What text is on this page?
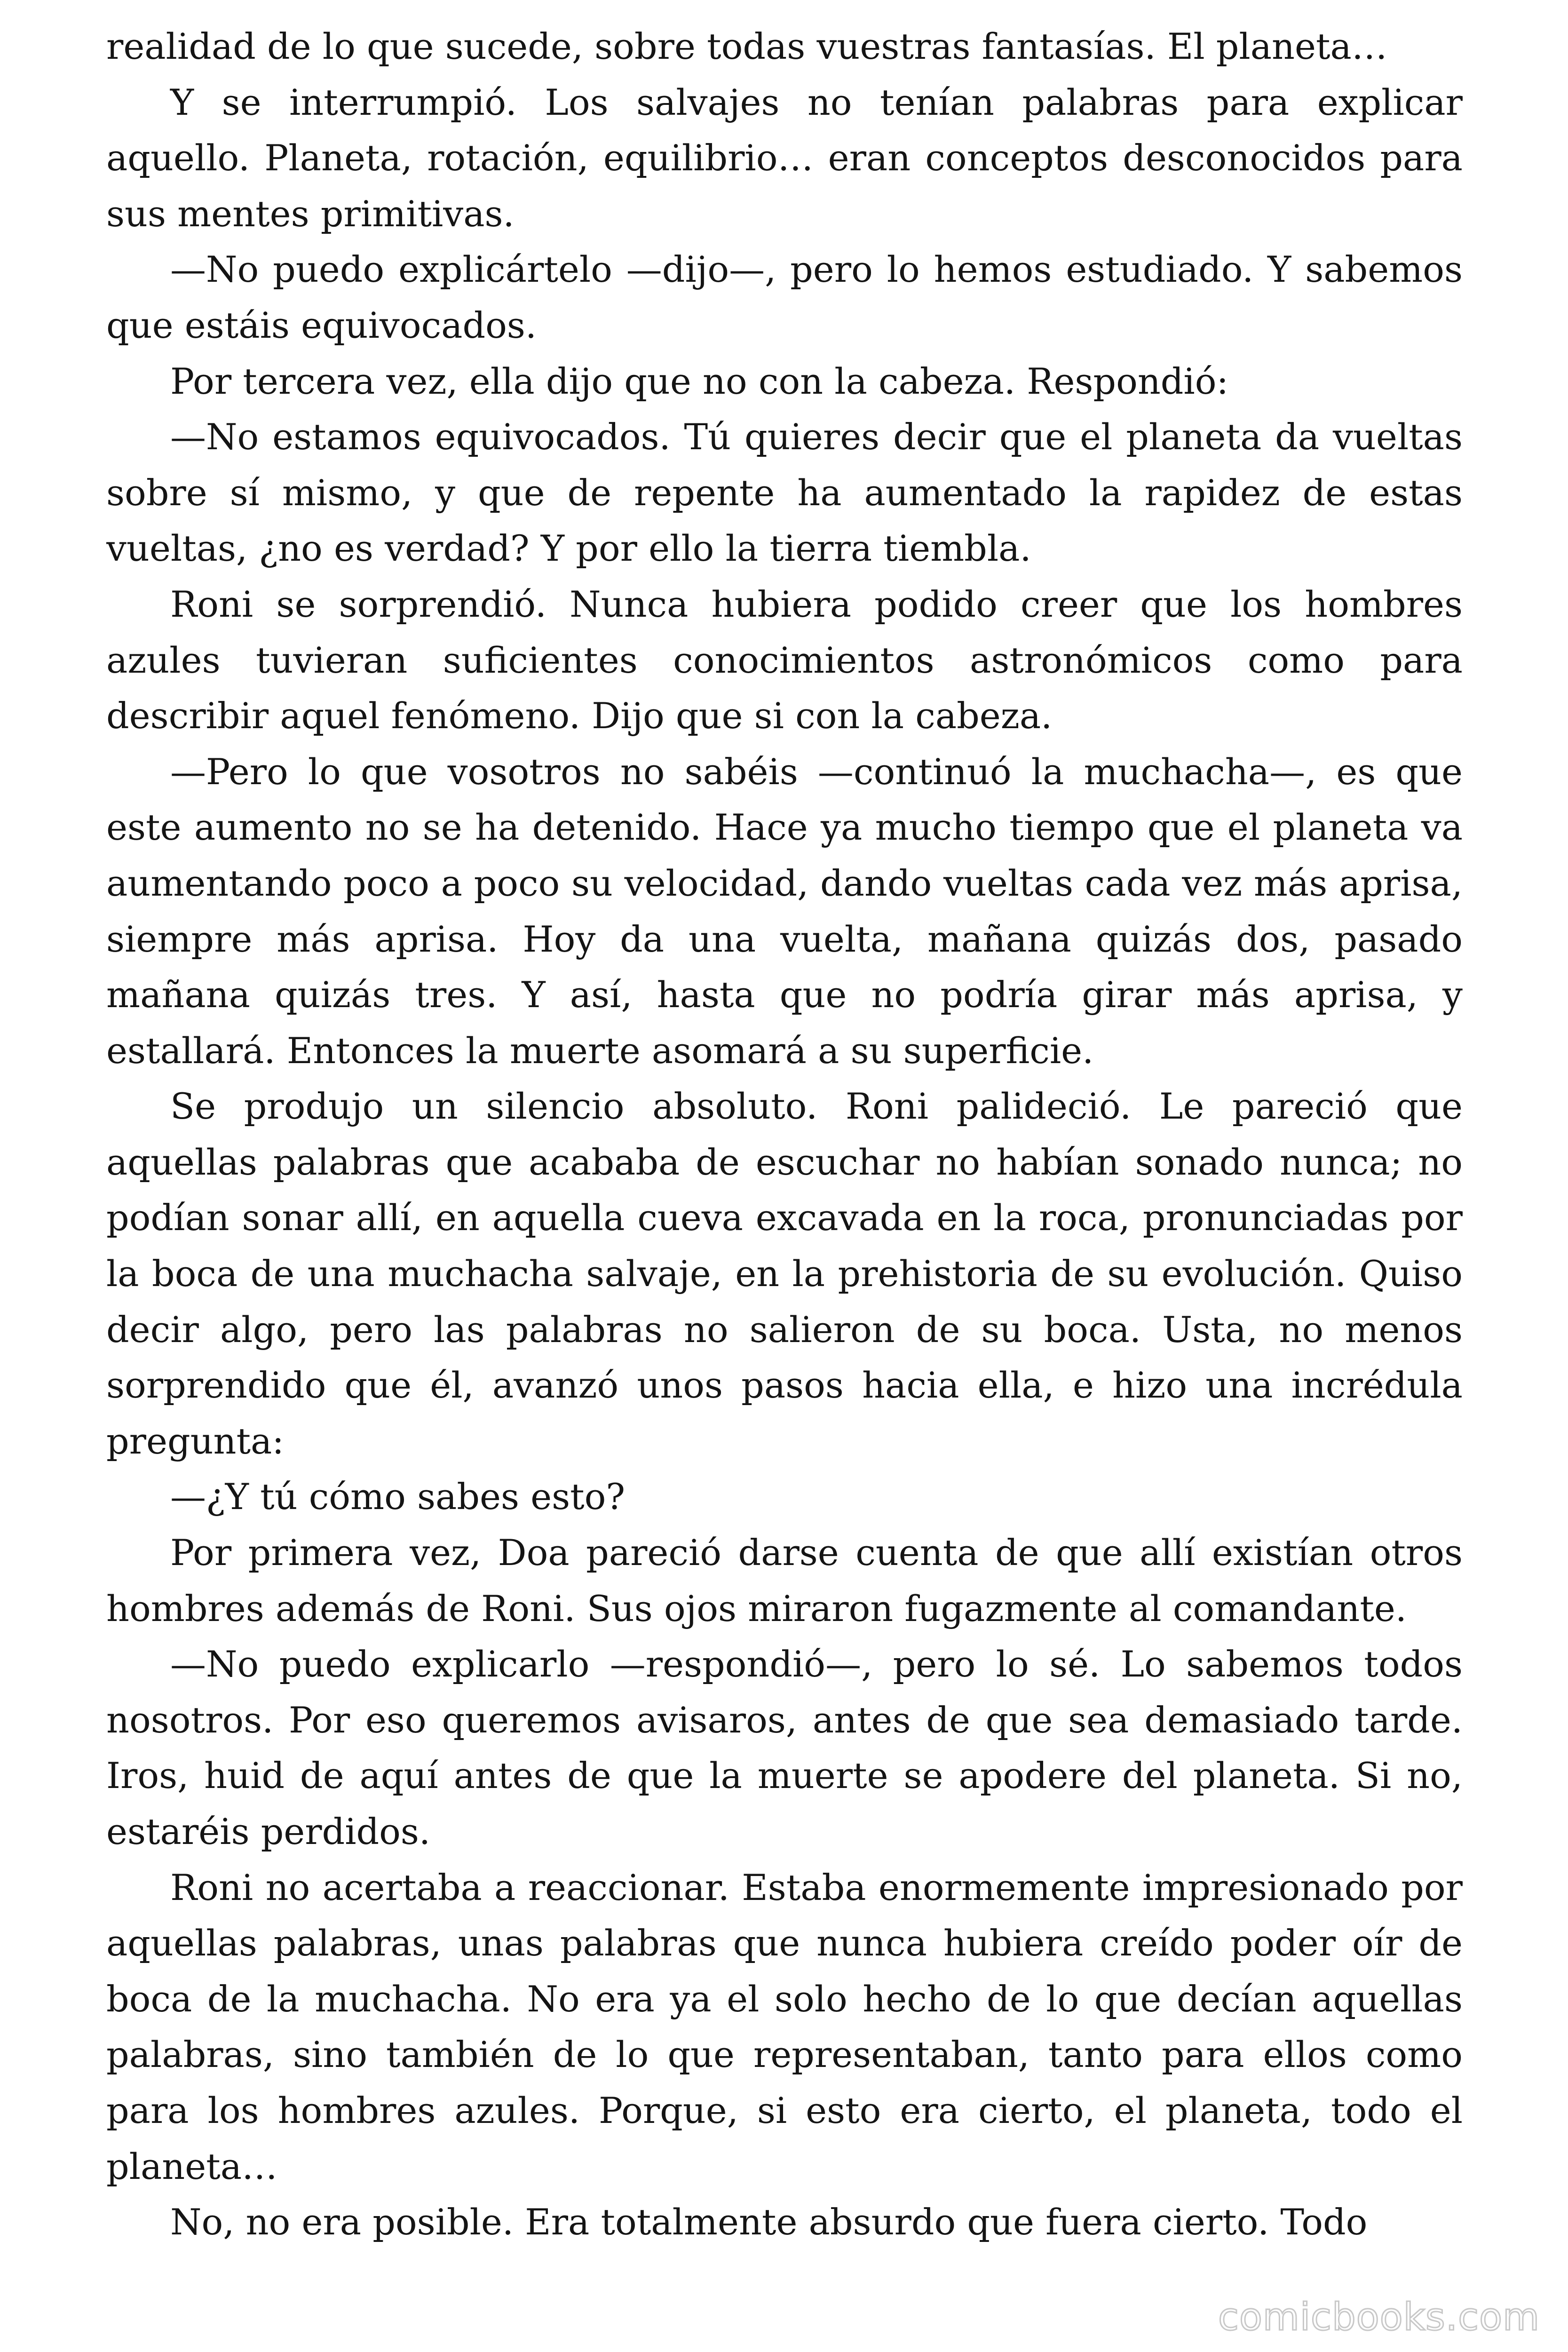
realidad de lo que sucede, sobre todas vuestras fantasías. El planeta…

Y se interrumpió. Los salvajes no tenían palabras para explicar aquello. Planeta, rotación, equilibrio… eran conceptos desconocidos para sus mentes primitivas.

—No puedo explicártelo —dijo—, pero lo hemos estudiado. Y sabemos que estáis equivocados.

Por tercera vez, ella dijo que no con la cabeza. Respondió:

—No estamos equivocados. Tú quieres decir que el planeta da vueltas sobre sí mismo, y que de repente ha aumentado la rapidez de estas vueltas, ¿no es verdad? Y por ello la tierra tiembla.

Roni se sorprendió. Nunca hubiera podido creer que los hombres azules tuvieran suficientes conocimientos astronómicos como para describir aquel fenómeno. Dijo que si con la cabeza.

—Pero lo que vosotros no sabéis —continuó la muchacha—, es que este aumento no se ha detenido. Hace ya mucho tiempo que el planeta va aumentando poco a poco su velocidad, dando vueltas cada vez más aprisa, siempre más aprisa. Hoy da una vuelta, mañana quizás dos, pasado mañana quizás tres. Y así, hasta que no podría girar más aprisa, y estallará. Entonces la muerte asomará a su superficie.

Se produjo un silencio absoluto. Roni palideció. Le pareció que aquellas palabras que acababa de escuchar no habían sonado nunca; no podían sonar allí, en aquella cueva excavada en la roca, pronunciadas por la boca de una muchacha salvaje, en la prehistoria de su evolución. Quiso decir algo, pero las palabras no salieron de su boca. Usta, no menos sorprendido que él, avanzó unos pasos hacia ella, e hizo una incrédula pregunta:

—¿Y tú cómo sabes esto?

Por primera vez, Doa pareció darse cuenta de que allí existían otros hombres además de Roni. Sus ojos miraron fugazmente al comandante.

—No puedo explicarlo —respondió—, pero lo sé. Lo sabemos todos nosotros. Por eso queremos avisaros, antes de que sea demasiado tarde. Iros, huid de aquí antes de que la muerte se apodere del planeta. Si no, estaréis perdidos.

Roni no acertaba a reaccionar. Estaba enormemente impresionado por aquellas palabras, unas palabras que nunca hubiera creído poder oír de boca de la muchacha. No era ya el solo hecho de lo que decían aquellas palabras, sino también de lo que representaban, tanto para ellos como para los hombres azules. Porque, si esto era cierto, el planeta, todo el planeta…

No, no era posible. Era totalmente absurdo que fuera cierto. Todo

comicbooks.com
